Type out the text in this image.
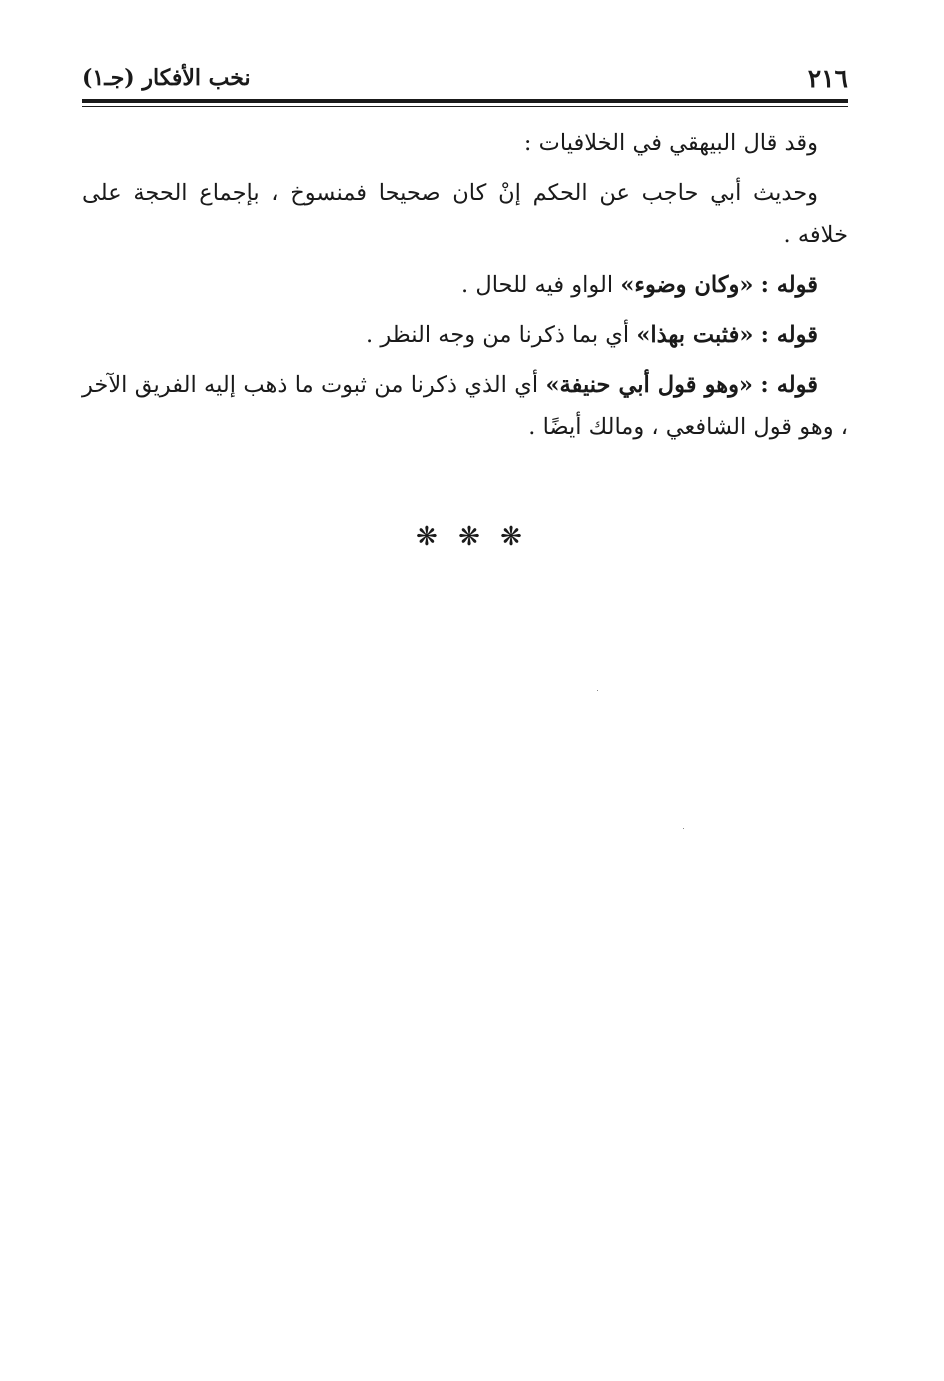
٢١٦
نخب الأفكار (جـ١)

وقد قال البيهقي في الخلافيات :

وحديث أبي حاجب عن الحكم إنْ كان صحيحا فمنسوخ ، بإجماع الحجة على خلافه .

قوله : «وكان وضوء» الواو فيه للحال .

قوله : «فثبت بهذا» أي بما ذكرنا من وجه النظر .

قوله : «وهو قول أبي حنيفة» أي الذي ذكرنا من ثبوت ما ذهب إليه الفريق الآخر ، وهو قول الشافعي ، ومالك أيضًا .

❋ ❋ ❋
